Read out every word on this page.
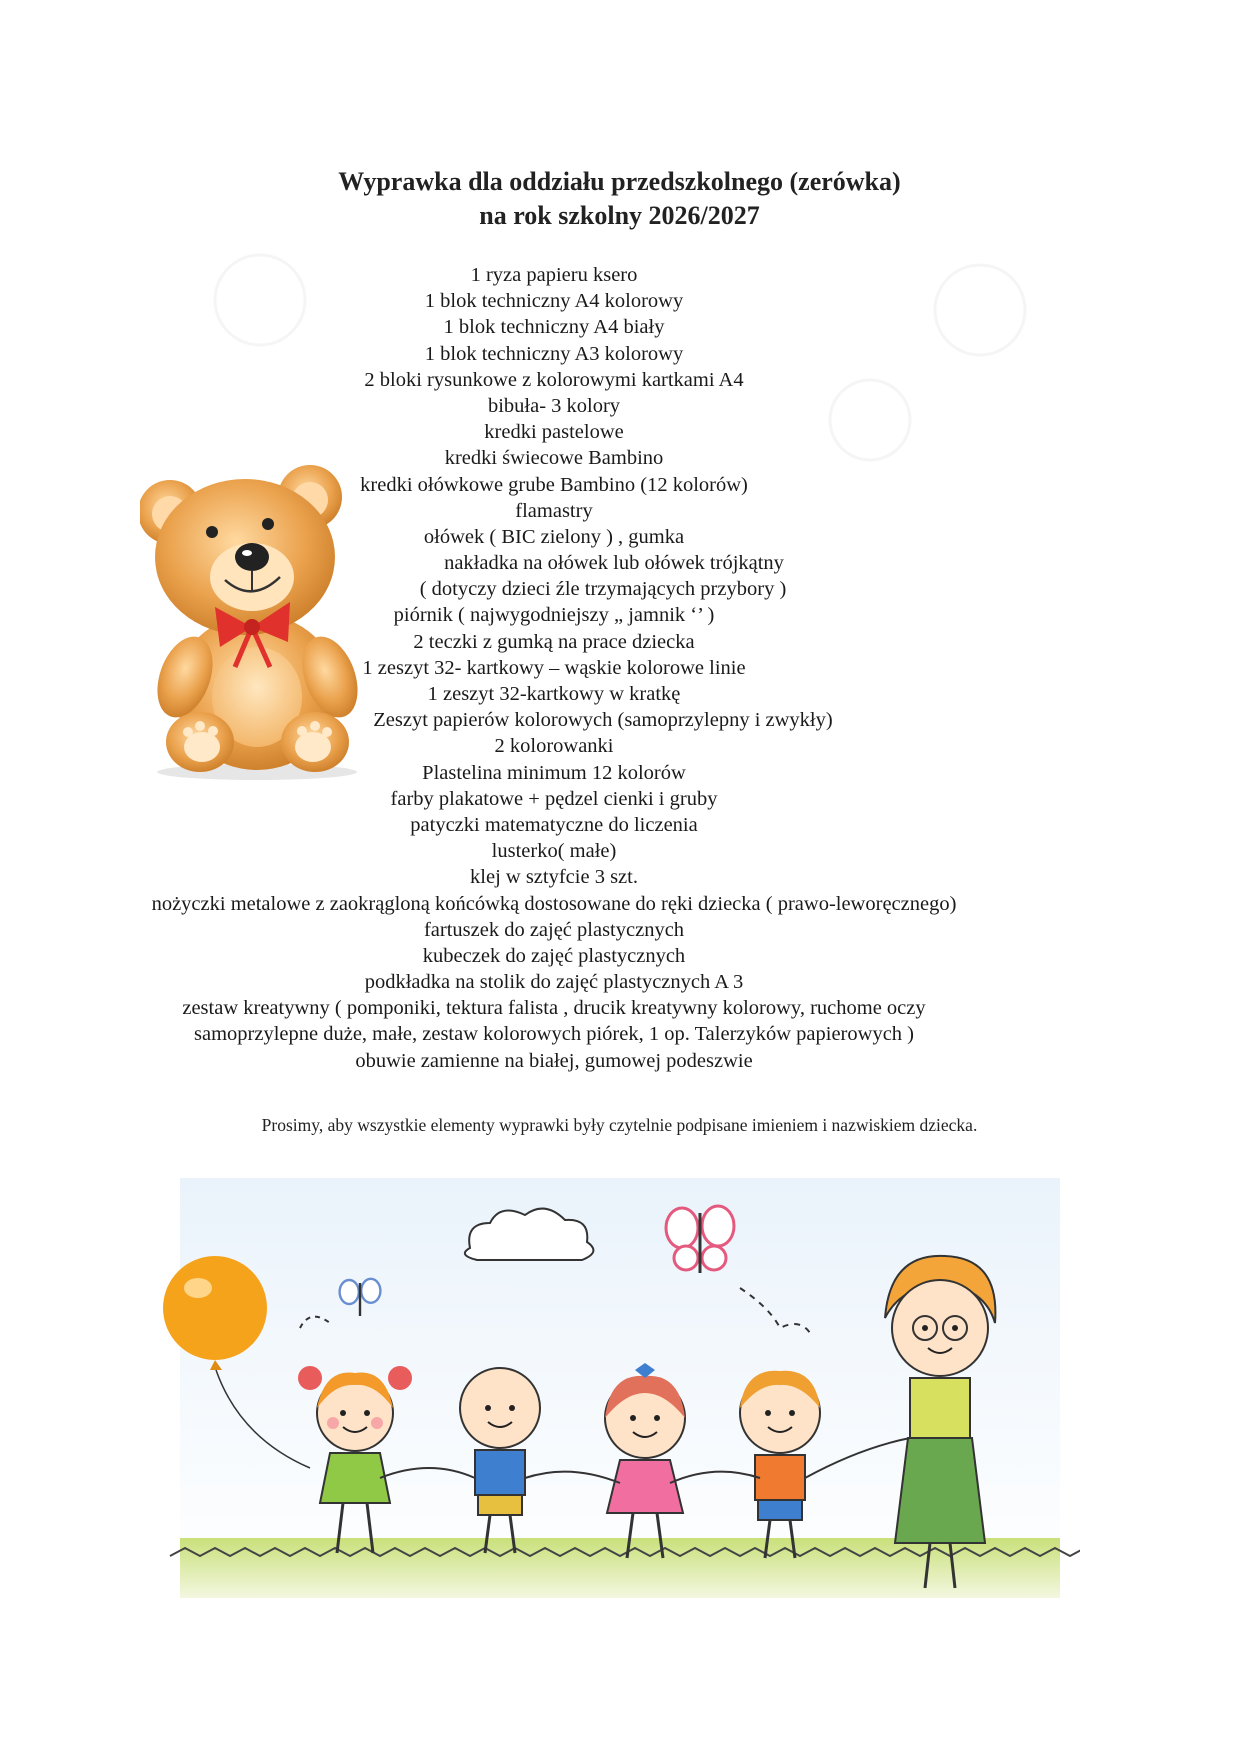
Wyprawka dla oddziału przedszkolnego (zerówka)
na rok szkolny 2026/2027
1 ryza papieru ksero
1 blok techniczny A4 kolorowy
1 blok techniczny A4 biały
1 blok techniczny A3 kolorowy
2 bloki rysunkowe z kolorowymi kartkami A4
bibuła- 3 kolory
kredki pastelowe
kredki świecowe Bambino
kredki ołówkowe grube Bambino (12 kolorów)
flamastry
ołówek ( BIC zielony ) , gumka
nakładka na ołówek lub ołówek trójkątny
( dotyczy dzieci źle trzymających przybory )
piórnik ( najwygodniejszy „ jamnik ‘’ )
2 teczki z gumką na prace dziecka
1 zeszyt 32- kartkowy – wąskie kolorowe linie
1 zeszyt 32-kartkowy w kratkę
Zeszyt papierów kolorowych (samoprzylepny i zwykły)
2 kolorowanki
Plastelina minimum 12 kolorów
farby plakatowe + pędzel cienki i gruby
patyczki matematyczne do liczenia
lusterko( małe)
klej w sztyfcie 3 szt.
nożyczki metalowe z zaokrągloną końcówką dostosowane do ręki dziecka ( prawo-leworęcznego)
fartuszek do zajęć plastycznych
kubeczek do zajęć plastycznych
podkładka na stolik do zajęć plastycznych A 3
zestaw kreatywny ( pomponiki, tektura falista , drucik kreatywny kolorowy, ruchome oczy
samoprzylepne duże, małe, zestaw kolorowych piórek, 1 op. Talerzyków papierowych )
obuwie zamienne na białej, gumowej podeszwie
Prosimy, aby wszystkie elementy wyprawki były czytelnie podpisane imieniem i nazwiskiem dziecka.
